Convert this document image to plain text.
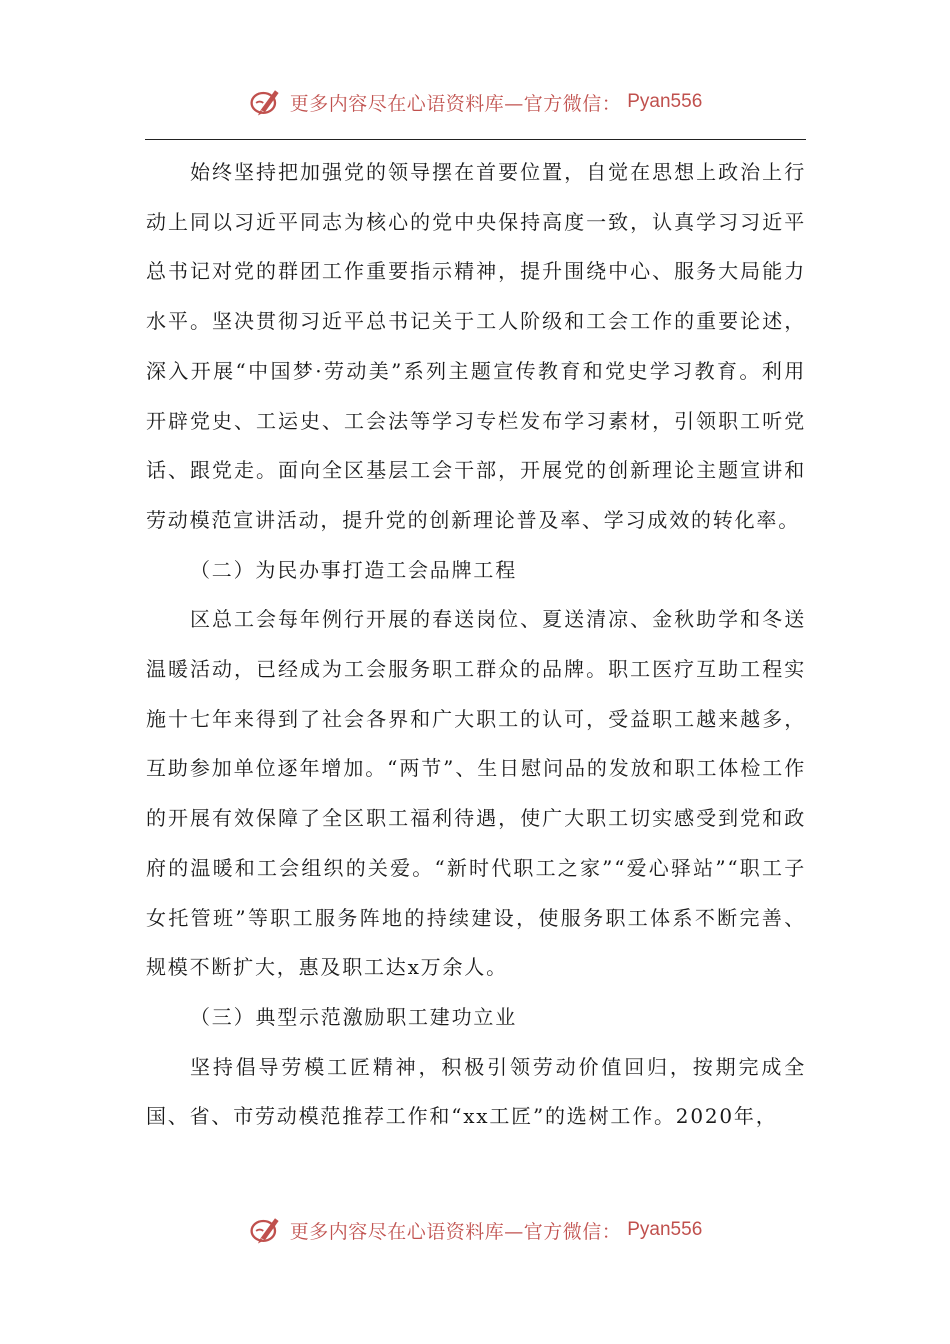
更多内容尽在心语资料库—官方微信： Pyan556

始终坚持把加强党的领导摆在首要位置，自觉在思想上政治上行动上同以习近平同志为核心的党中央保持高度一致，认真学习习近平总书记对党的群团工作重要指示精神，提升围绕中心、服务大局能力水平。坚决贯彻习近平总书记关于工人阶级和工会工作的重要论述，深入开展“中国梦·劳动美”系列主题宣传教育和党史学习教育。利用开辟党史、工运史、工会法等学习专栏发布学习素材，引领职工听党话、跟党走。面向全区基层工会干部，开展党的创新理论主题宣讲和劳动模范宣讲活动，提升党的创新理论普及率、学习成效的转化率。

（二）为民办事打造工会品牌工程

区总工会每年例行开展的春送岗位、夏送清凉、金秋助学和冬送温暖活动，已经成为工会服务职工群众的品牌。职工医疗互助工程实施十七年来得到了社会各界和广大职工的认可，受益职工越来越多，互助参加单位逐年增加。“两节”、生日慰问品的发放和职工体检工作的开展有效保障了全区职工福利待遇，使广大职工切实感受到党和政府的温暖和工会组织的关爱。“新时代职工之家”“爱心驿站”“职工子女托管班”等职工服务阵地的持续建设，使服务职工体系不断完善、规模不断扩大，惠及职工达x万余人。

（三）典型示范激励职工建功立业

坚持倡导劳模工匠精神，积极引领劳动价值回归，按期完成全国、省、市劳动模范推荐工作和“xx工匠”的选树工作。2020年，

更多内容尽在心语资料库—官方微信： Pyan556
